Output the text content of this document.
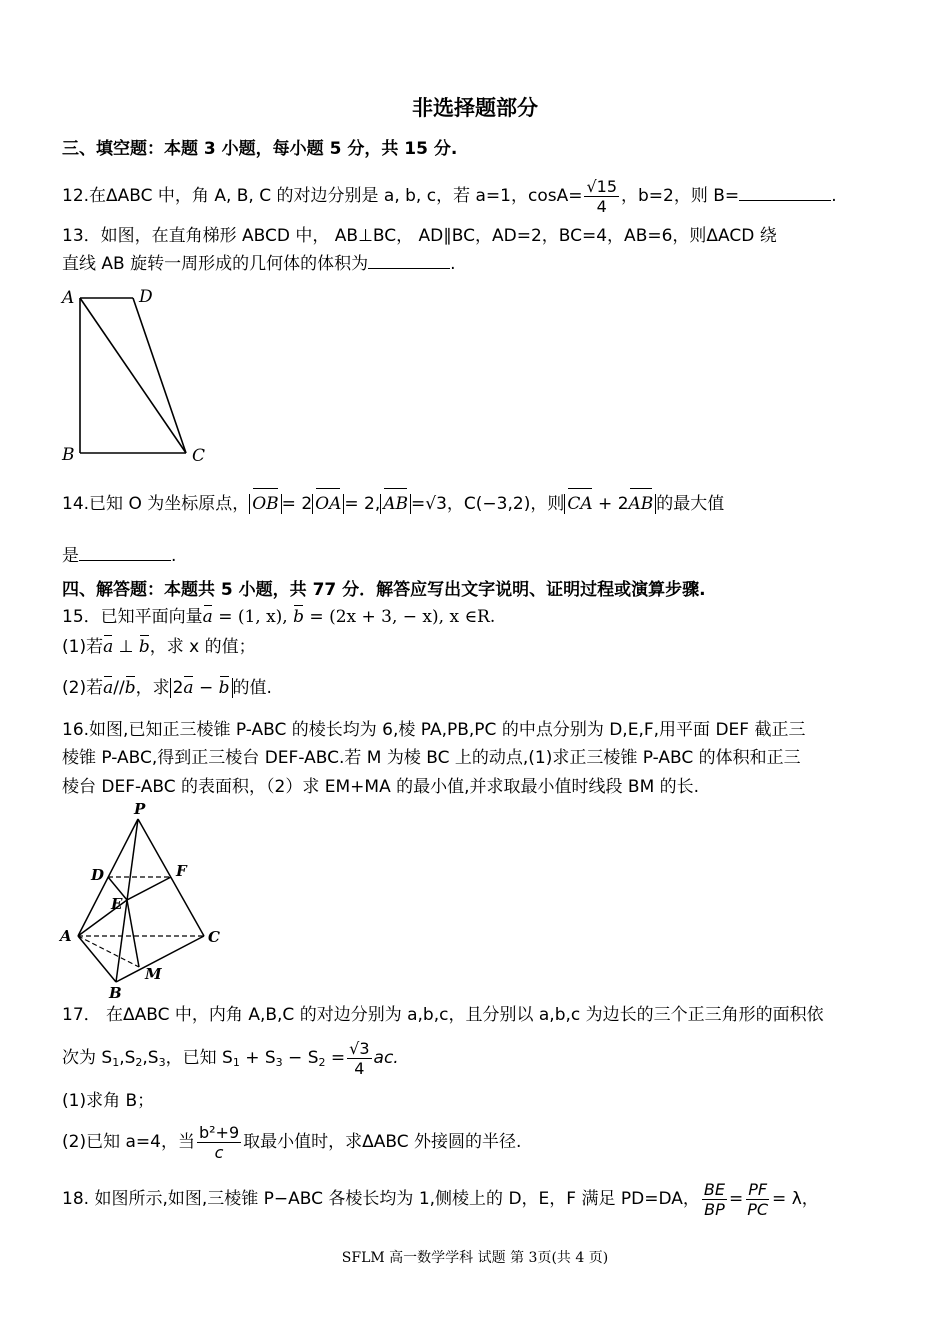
非选择题部分
三、填空题：本题 3 小题，每小题 5 分，共 15 分.
12.在ΔABC 中，角 A, B, C 的对边分别是 a, b, c，若 a=1，$\cos A= \frac{√15}{4}$ ，b=2，则 B=	.
13．如图，在直角梯形 ABCD 中， AB⊥BC， AD∥BC，AD=2，BC=4，AB=6，则ΔACD 绕
直线 AB 旋转一周形成的几何体的体积为	.
A	D
B	C
14.已知 O 为坐标原点， OB = 2 OA = 2, AB =√3，C(−3,2)，则 CA + 2AB 的最大值
是	.
四、解答题：本题共 5 小题，共 77 分．解答应写出文字说明、证明过程或演算步骤.
15．已知平面向量a = (1, x), b = (2x + 3, − x), x ∈R.
(1)若a ⊥ b，求 x 的值；
(2)若a//b，求 2a − b 的值.
16.如图,已知正三棱锥 P-ABC 的棱长均为 6,棱 PA,PB,PC 的中点分别为 D,E,F,用平面 DEF 截正三
棱锥 P-ABC,得到正三棱台 DEF-ABC.若 M 为棱 BC 上的动点,(1)求正三棱锥 P-ABC 的体积和正三
棱台 DEF-ABC 的表面积，（2）求 EM+MA 的最小值,并求取最小值时线段 BM 的长.
P
D	F
E
A	C
M
B
17． 在ΔABC 中，内角 A,B,C 的对边分别为 a,b,c，且分别以 a,b,c 为边长的三个正三角形的面积依
次为 $S_1,S_2,S_3$，已知 $S_1 + S_3 - S_2 = \frac{√3}{4}$ ac.
(1)求角 B；
(2)已知 a=4，当 $\frac{\text{b²+9}}{c}$ 取最小值时，求ΔABC 外接圆的半径.
18. 如图所示,如图,三棱锥 P−ABC 各棱长均为 1,侧棱上的 D，E，F 满足 PD=DA， $\frac{BE}{BP} = \frac{PF}{PC} = \lambda$，
SFLM 高一数学学科 试题 第 3页(共 4 页)
